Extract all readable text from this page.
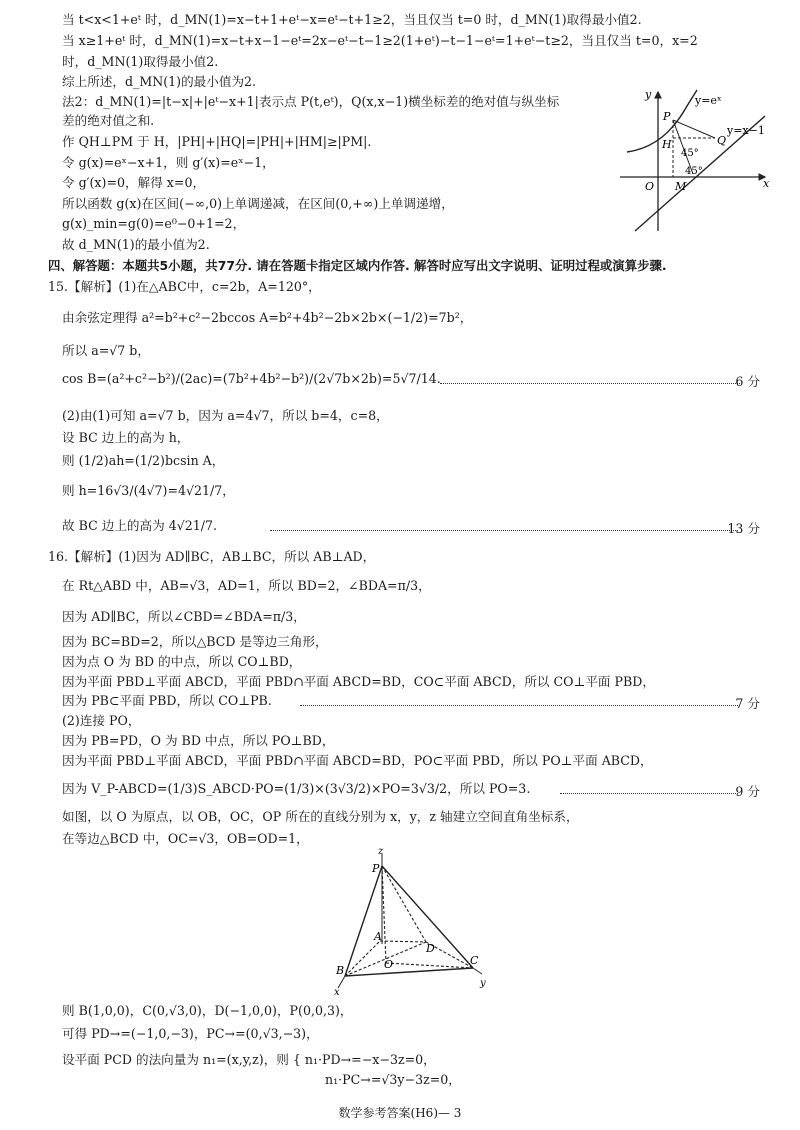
当 t<x<1+eᵗ 时，d_MN(1)=x−t+1+eᵗ−x=eᵗ−t+1≥2，当且仅当 t=0 时，d_MN(1)取得最小值2.
当 x≥1+eᵗ 时，d_MN(1)=x−t+x−1−eᵗ=2x−eᵗ−t−1≥2(1+eᵗ)−t−1−eᵗ=1+eᵗ−t≥2，当且仅当 t=0，x=2
时，d_MN(1)取得最小值2.
综上所述，d_MN(1)的最小值为2.
法2：d_MN(1)=|t−x|+|eᵗ−x+1|表示点 P(t,eᵗ)，Q(x,x−1)横坐标差的绝对值与纵坐标
差的绝对值之和.
作 QH⊥PM 于 H，|PH|+|HQ|=|PH|+|HM|≥|PM|.
令 g(x)=eˣ−x+1，则 g′(x)=eˣ−1，
令 g′(x)=0，解得 x=0，
所以函数 g(x)在区间(−∞,0)上单调递减，在区间(0,+∞)上单调递增，
g(x)_min=g(0)=e⁰−0+1=2，
故 d_MN(1)的最小值为2.
y
x
y=eˣ
y=x−1
P
H	Q
O M
45°
45°
四、解答题：本题共5小题，共77分. 请在答题卡指定区域内作答. 解答时应写出文字说明、证明过程或演算步骤.
15.【解析】(1)在△ABC中，c=2b，A=120°，
由余弦定理得 a²=b²+c²−2bccos A=b²+4b²−2b×2b×(−1/2)=7b²，
所以 a=√7 b，
cos B=(a²+c²−b²)/(2ac)=(7b²+4b²−b²)/(2√7b×2b)=5√7/14.	6 分
(2)由(1)可知 a=√7 b，因为 a=4√7，所以 b=4，c=8，
设 BC 边上的高为 h，
则 (1/2)ah=(1/2)bcsin A，
则 h=16√3/(4√7)=4√21/7，
故 BC 边上的高为 4√21/7.	13 分
16.【解析】(1)因为 AD∥BC，AB⊥BC，所以 AB⊥AD，
在 Rt△ABD 中，AB=√3，AD=1，所以 BD=2，∠BDA=π/3，
因为 AD∥BC，所以∠CBD=∠BDA=π/3，
因为 BC=BD=2，所以△BCD 是等边三角形，
因为点 O 为 BD 的中点，所以 CO⊥BD，
因为平面 PBD⊥平面 ABCD，平面 PBD∩平面 ABCD=BD，CO⊂平面 ABCD，所以 CO⊥平面 PBD，
因为 PB⊂平面 PBD，所以 CO⊥PB.	7 分
(2)连接 PO，
因为 PB=PD，O 为 BD 中点，所以 PO⊥BD，
因为平面 PBD⊥平面 ABCD，平面 PBD∩平面 ABCD=BD，PO⊂平面 PBD，所以 PO⊥平面 ABCD，
因为 V_P-ABCD=(1/3)S_ABCD·PO=(1/3)×(3√3/2)×PO=3√3/2，所以 PO=3.	9 分
如图，以 O 为原点，以 OB，OC，OP 所在的直线分别为 x，y，z 轴建立空间直角坐标系，
在等边△BCD 中，OC=√3，OB=OD=1，
z
P
A
D
O
B
C
x
y
则 B(1,0,0)，C(0,√3,0)，D(−1,0,0)，P(0,0,3)，
可得 PD→=(−1,0,−3)，PC→=(0,√3,−3)，
设平面 PCD 的法向量为 n₁=(x,y,z)，则 { n₁·PD→=−x−3z=0，
n₁·PC→=√3y−3z=0，
数学参考答案(H6)— 3
